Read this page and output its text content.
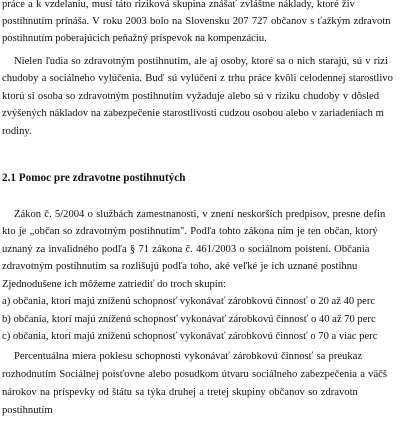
práce a k vzdelaniu, musí táto riziková skupina znášať zvláštne náklady, ktoré živ
postihnutím prináša. V roku 2003 bolo na Slovensku 207 727 občanov s ťažkým zdravotn
postihnutím poberajúcich peňažný príspevok na kompenzáciu.
Nielen ľudia so zdravotným postihnutím, ale aj osoby, ktoré sa o nich starajú, sú v rizi
chudoby a sociálneho vylúčenia. Buď sú vylúčení z trhu práce kvôli celodennej starostlivo
ktorú si osoba so zdravotným postihnutím vyžaduje alebo sú v riziku chudoby v dôsled
zvýšených nákladov na zabezpečenie starostlivosti cudzou osobou alebo v zariadeniach m
rodiny.
2.1 Pomoc pre zdravotne postihnutých
Zákon č. 5/2004 o službách zamestnanosti, v znení neskorších predpisov, presne defin
kto je „občan so zdravotným postihnutím". Podľa tohto zákona ním je ten občan, ktorý
uznaný za invalidného podľa § 71 zákona č. 461/2003 o sociálnom poistení. Občaniа
zdravotným postihnutím sa rozlišujú podľa toho, aké veľké je ich uznané postihnu
Zjednodušene ich môžeme zatriediť do troch skupín:
a) občania, ktorí majú zníženú schopnosť vykonávať zárobkovú činnosť o 20 až 40 perc
b) občania, ktorí majú zníženú schopnosť vykonávať zárobkovú činnosť o 40 až 70 perc
c) občania, ktorí majú zníženú schopnosť vykonávať zárobkovú činnosť o 70 a viac perc
Percentuálna miera poklesu schopnosti vykonávať zárobkovú činnosť sa preukaz
rozhodnutím Sociálnej poisťovne alebo posudkom útvaru sociálneho zabezpečenia a väčš
nárokov na príspevky od štátu sa týka druhej a tretej skupiny občanov so zdravotn
postihnutím
